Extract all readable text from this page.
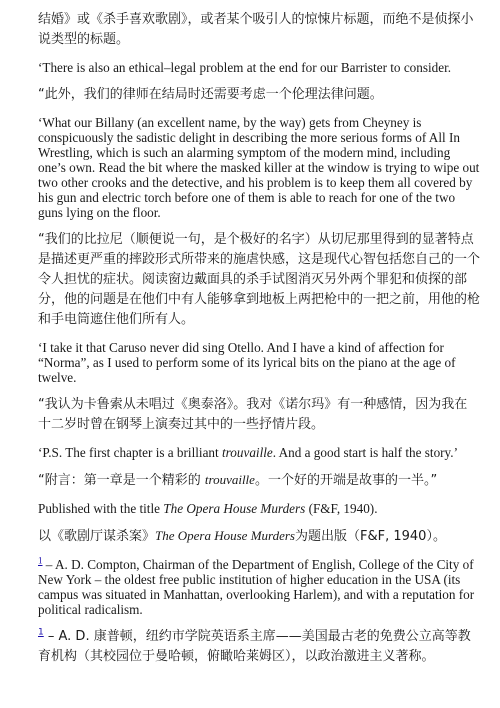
结婚》或《杀手喜欢歌剧》，或者某个吸引人的惊悚片标题，而绝不是侦探小说类型的标题。

‘There is also an ethical–legal problem at the end for our Barrister to consider.

“此外，我们的律师在结局时还需要考虑一个伦理法律问题。

‘What our Billany (an excellent name, by the way) gets from Cheyney is conspicuously the sadistic delight in describing the more serious forms of All In Wrestling, which is such an alarming symptom of the modern mind, including one’s own. Read the bit where the masked killer at the window is trying to wipe out two other crooks and the detective, and his problem is to keep them all covered by his gun and electric torch before one of them is able to reach for one of the two guns lying on the floor.

“我们的比拉尼（顺便说一句，是个极好的名字）从切尼那里得到的显著特点是描述更严重的摔跤形式所带来的施虐快感，这是现代心智包括您自己的一个令人担忧的症状。阅读窗边戴面具的杀手试图消灭另外两个罪犯和侦探的部分，他的问题是在他们中有人能够拿到地板上两把枪中的一把之前，用他的枪和手电筒遮住他们所有人。

‘I take it that Caruso never did sing Otello. And I have a kind of affection for “Norma”, as I used to perform some of its lyrical bits on the piano at the age of twelve.

“我认为卡鲁索从未唱过《奥泰洛》。我对《诺尔玛》有一种感情，因为我在十二岁时曾在钢琴上演奏过其中的一些抒情片段。

‘P.S. The first chapter is a brilliant trouvaille. And a good start is half the story.’

“附言：第一章是一个精彩的 trouvaille。一个好的开端是故事的一半。”

Published with the title The Opera House Murders (F&F, 1940).

以《歌剧厅谋杀案》The Opera House Murders为题出版（F&F, 1940）。

$^1$ – A. D. Compton, Chairman of the Department of English, College of the City of New York – the oldest free public institution of higher education in the USA (its campus was situated in Manhattan, overlooking Harlem), and with a reputation for political radicalism.

$^1$ – A. D. 康普顿，纽约市学院英语系主席——美国最古老的免费公立高等教育机构（其校园位于曼哈顿，俯瞰哈莱姆区），以政治激进主义著称。
